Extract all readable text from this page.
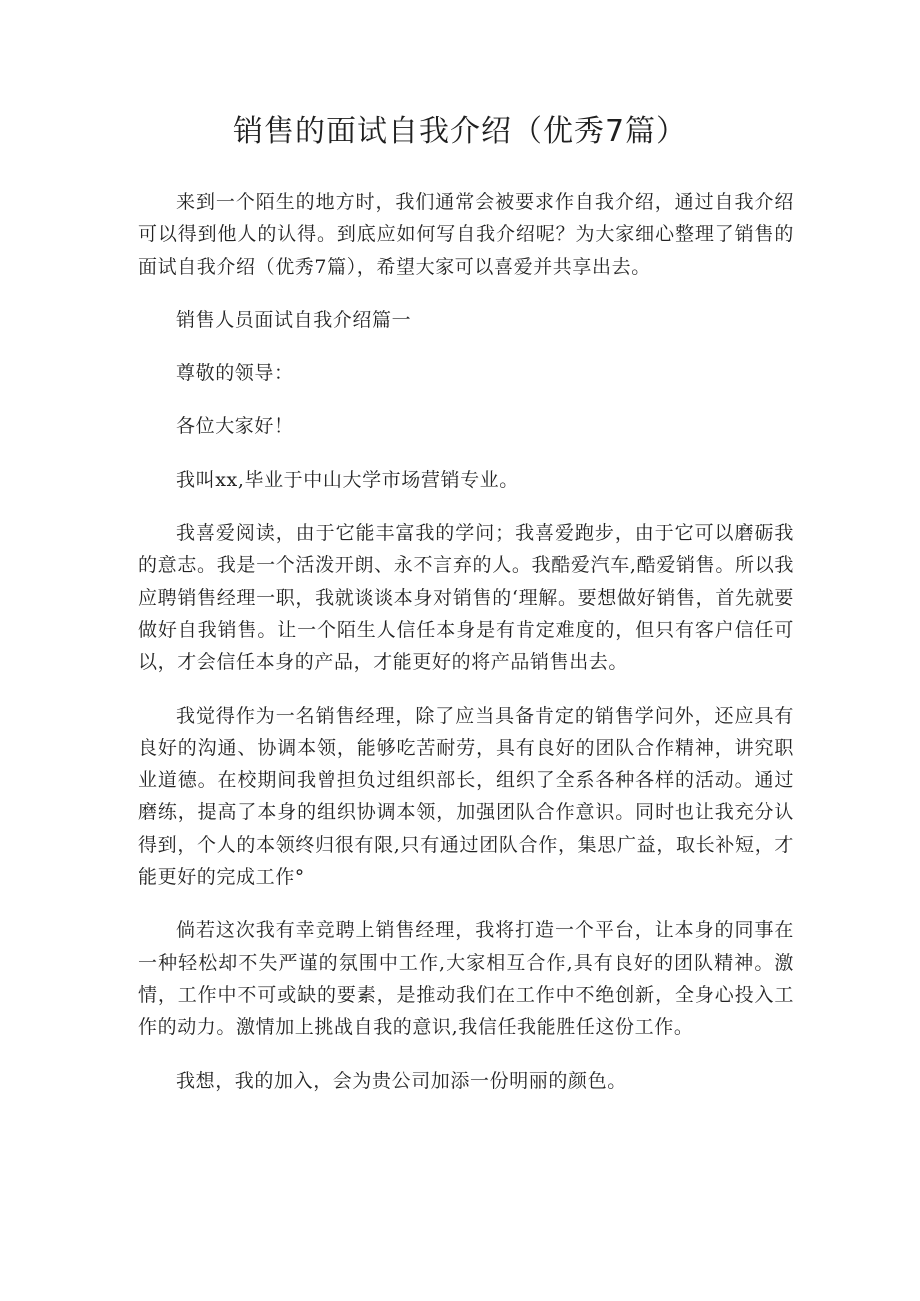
销售的面试自我介绍（优秀7篇）

来到一个陌生的地方时，我们通常会被要求作自我介绍，通过自我介绍可以得到他人的认得。到底应如何写自我介绍呢？为大家细心整理了销售的面试自我介绍（优秀7篇），希望大家可以喜爱并共享出去。

销售人员面试自我介绍篇一

尊敬的领导：

各位大家好！

我叫xx,毕业于中山大学市场营销专业。

我喜爱阅读，由于它能丰富我的学问；我喜爱跑步，由于它可以磨砺我的意志。我是一个活泼开朗、永不言弃的人。我酷爱汽车,酷爱销售。所以我应聘销售经理一职，我就谈谈本身对销售的‘理解。要想做好销售，首先就要做好自我销售。让一个陌生人信任本身是有肯定难度的，但只有客户信任可以，才会信任本身的产品，才能更好的将产品销售出去。

我觉得作为一名销售经理，除了应当具备肯定的销售学问外，还应具有良好的沟通、协调本领，能够吃苦耐劳，具有良好的团队合作精神，讲究职业道德。在校期间我曾担负过组织部长，组织了全系各种各样的活动。通过磨练，提高了本身的组织协调本领，加强团队合作意识。同时也让我充分认得到，个人的本领终归很有限,只有通过团队合作，集思广益，取长补短，才能更好的完成工作°

倘若这次我有幸竞聘上销售经理，我将打造一个平台，让本身的同事在一种轻松却不失严谨的氛围中工作,大家相互合作,具有良好的团队精神。激情，工作中不可或缺的要素，是推动我们在工作中不绝创新，全身心投入工作的动力。激情加上挑战自我的意识,我信任我能胜任这份工作。

我想，我的加入，会为贵公司加添一份明丽的颜色。
